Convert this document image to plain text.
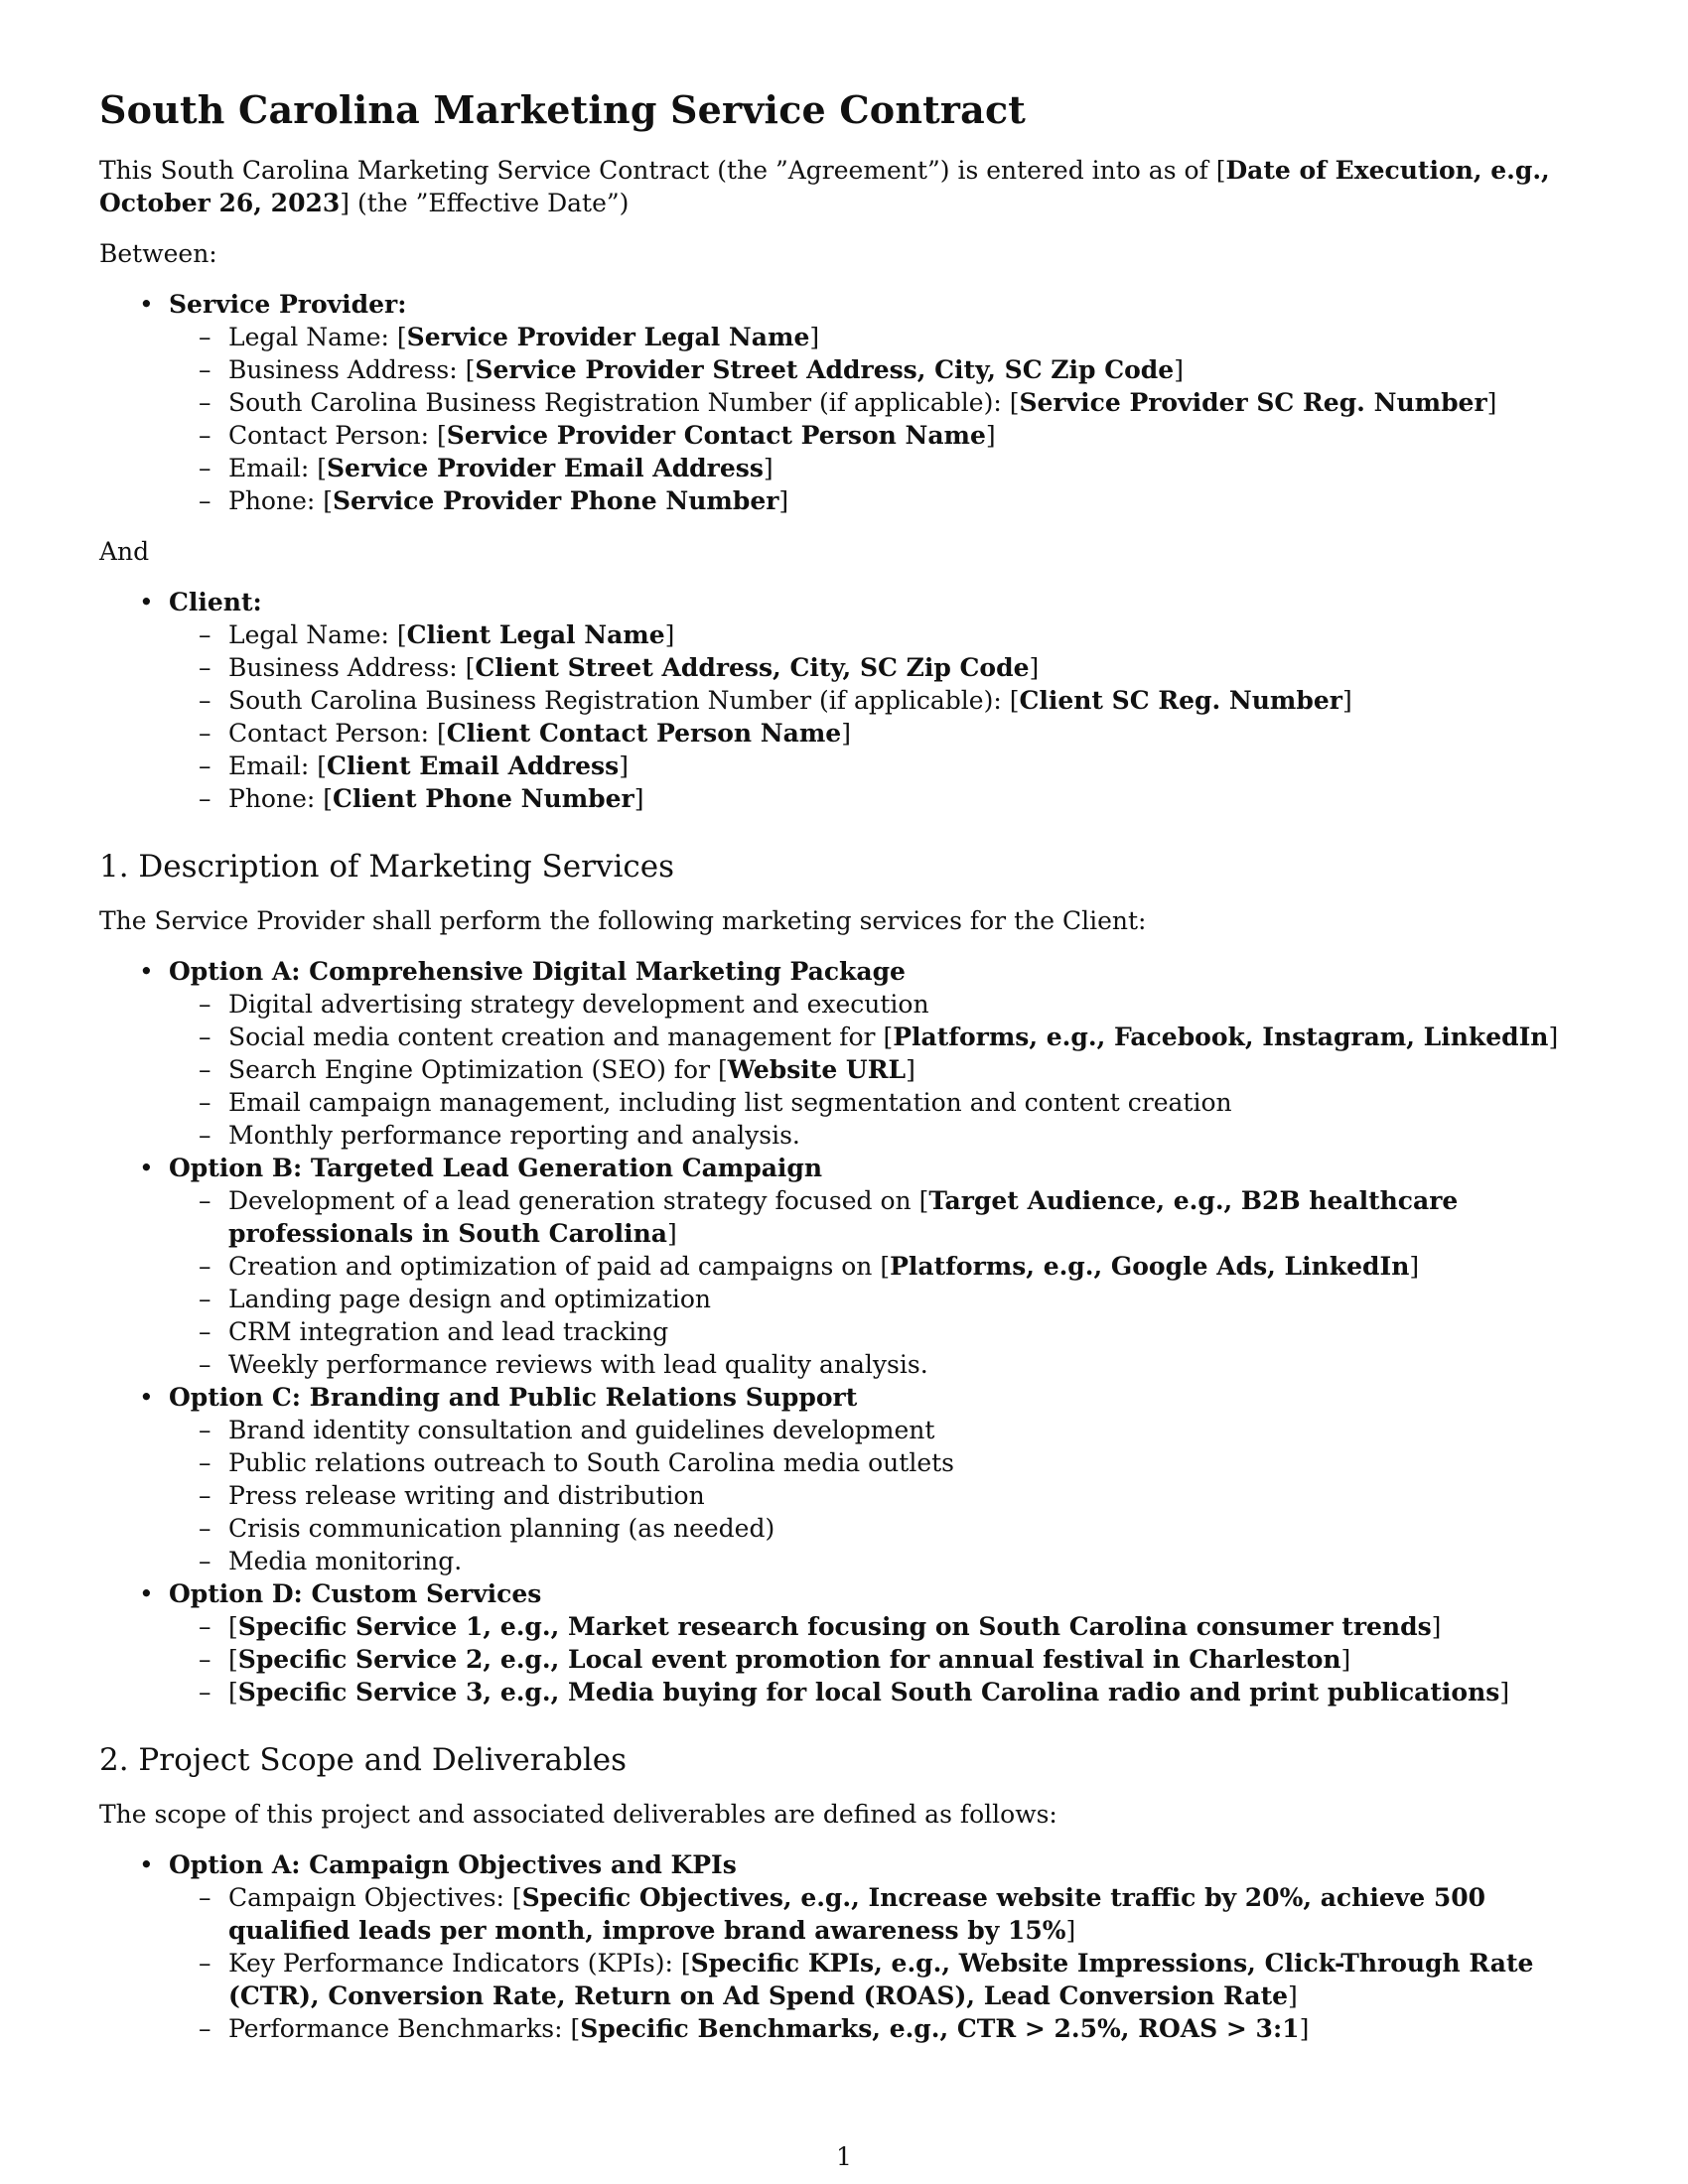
South Carolina Marketing Service Contract

This South Carolina Marketing Service Contract (the ”Agreement”) is entered into as of [Date of Execution, e.g., October 26, 2023] (the ”Effective Date”)

Between:

• Service Provider:
– Legal Name: [Service Provider Legal Name]
– Business Address: [Service Provider Street Address, City, SC Zip Code]
– South Carolina Business Registration Number (if applicable): [Service Provider SC Reg. Number]
– Contact Person: [Service Provider Contact Person Name]
– Email: [Service Provider Email Address]
– Phone: [Service Provider Phone Number]

And

• Client:
– Legal Name: [Client Legal Name]
– Business Address: [Client Street Address, City, SC Zip Code]
– South Carolina Business Registration Number (if applicable): [Client SC Reg. Number]
– Contact Person: [Client Contact Person Name]
– Email: [Client Email Address]
– Phone: [Client Phone Number]
1. Description of Marketing Services

The Service Provider shall perform the following marketing services for the Client:

• Option A: Comprehensive Digital Marketing Package
– Digital advertising strategy development and execution
– Social media content creation and management for [Platforms, e.g., Facebook, Instagram, LinkedIn]
– Search Engine Optimization (SEO) for [Website URL]
– Email campaign management, including list segmentation and content creation
– Monthly performance reporting and analysis.
• Option B: Targeted Lead Generation Campaign
– Development of a lead generation strategy focused on [Target Audience, e.g., B2B healthcare professionals in South Carolina]
– Creation and optimization of paid ad campaigns on [Platforms, e.g., Google Ads, LinkedIn]
– Landing page design and optimization
– CRM integration and lead tracking
– Weekly performance reviews with lead quality analysis.
• Option C: Branding and Public Relations Support
– Brand identity consultation and guidelines development
– Public relations outreach to South Carolina media outlets
– Press release writing and distribution
– Crisis communication planning (as needed)
– Media monitoring.
• Option D: Custom Services
– [Specific Service 1, e.g., Market research focusing on South Carolina consumer trends]
– [Specific Service 2, e.g., Local event promotion for annual festival in Charleston]
– [Specific Service 3, e.g., Media buying for local South Carolina radio and print publications]
2. Project Scope and Deliverables

The scope of this project and associated deliverables are defined as follows:

• Option A: Campaign Objectives and KPIs
– Campaign Objectives: [Specific Objectives, e.g., Increase website traffic by 20%, achieve 500 qualified leads per month, improve brand awareness by 15%]
– Key Performance Indicators (KPIs): [Specific KPIs, e.g., Website Impressions, Click-Through Rate (CTR), Conversion Rate, Return on Ad Spend (ROAS), Lead Conversion Rate]
– Performance Benchmarks: [Specific Benchmarks, e.g., CTR > 2.5%, ROAS > 3:1]
1
